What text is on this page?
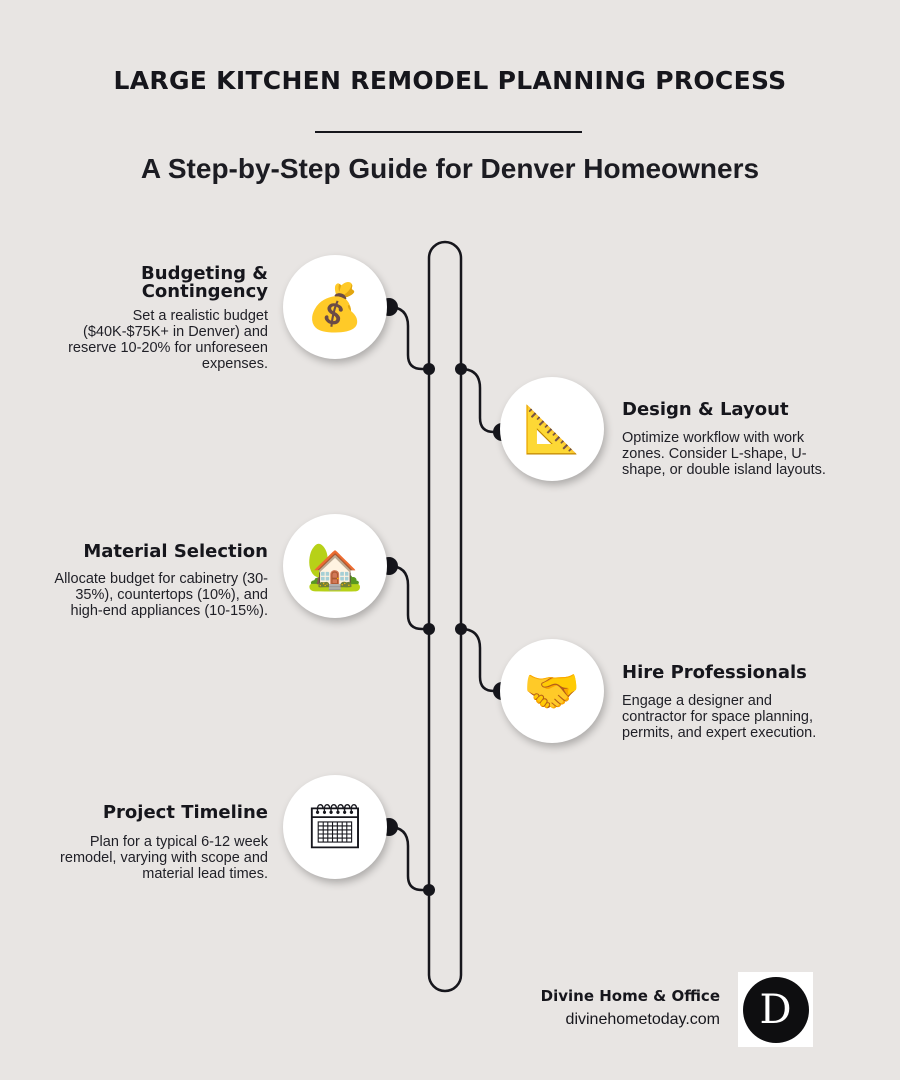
LARGE KITCHEN REMODEL PLANNING PROCESS
A Step-by-Step Guide for Denver Homeowners
💰
Budgeting &
Contingency

Set a realistic budget ($40K-$75K+ in Denver) and reserve 10-20% for unforeseen expenses.

📐 Design & Layout

Optimize workflow with work zones. Consider L-shape, U-shape, or double island layouts.

🏡
Material Selection

Allocate budget for cabinetry (30-35%), countertops (10%), and high-end appliances (10-15%).

🤝 Hire Professionals

Engage a designer and contractor for space planning, permits, and expert execution.

🗓
Project Timeline

Plan for a typical 6-12 week remodel, varying with scope and material lead times.

Divine Home & Office

divinehometoday.com D
